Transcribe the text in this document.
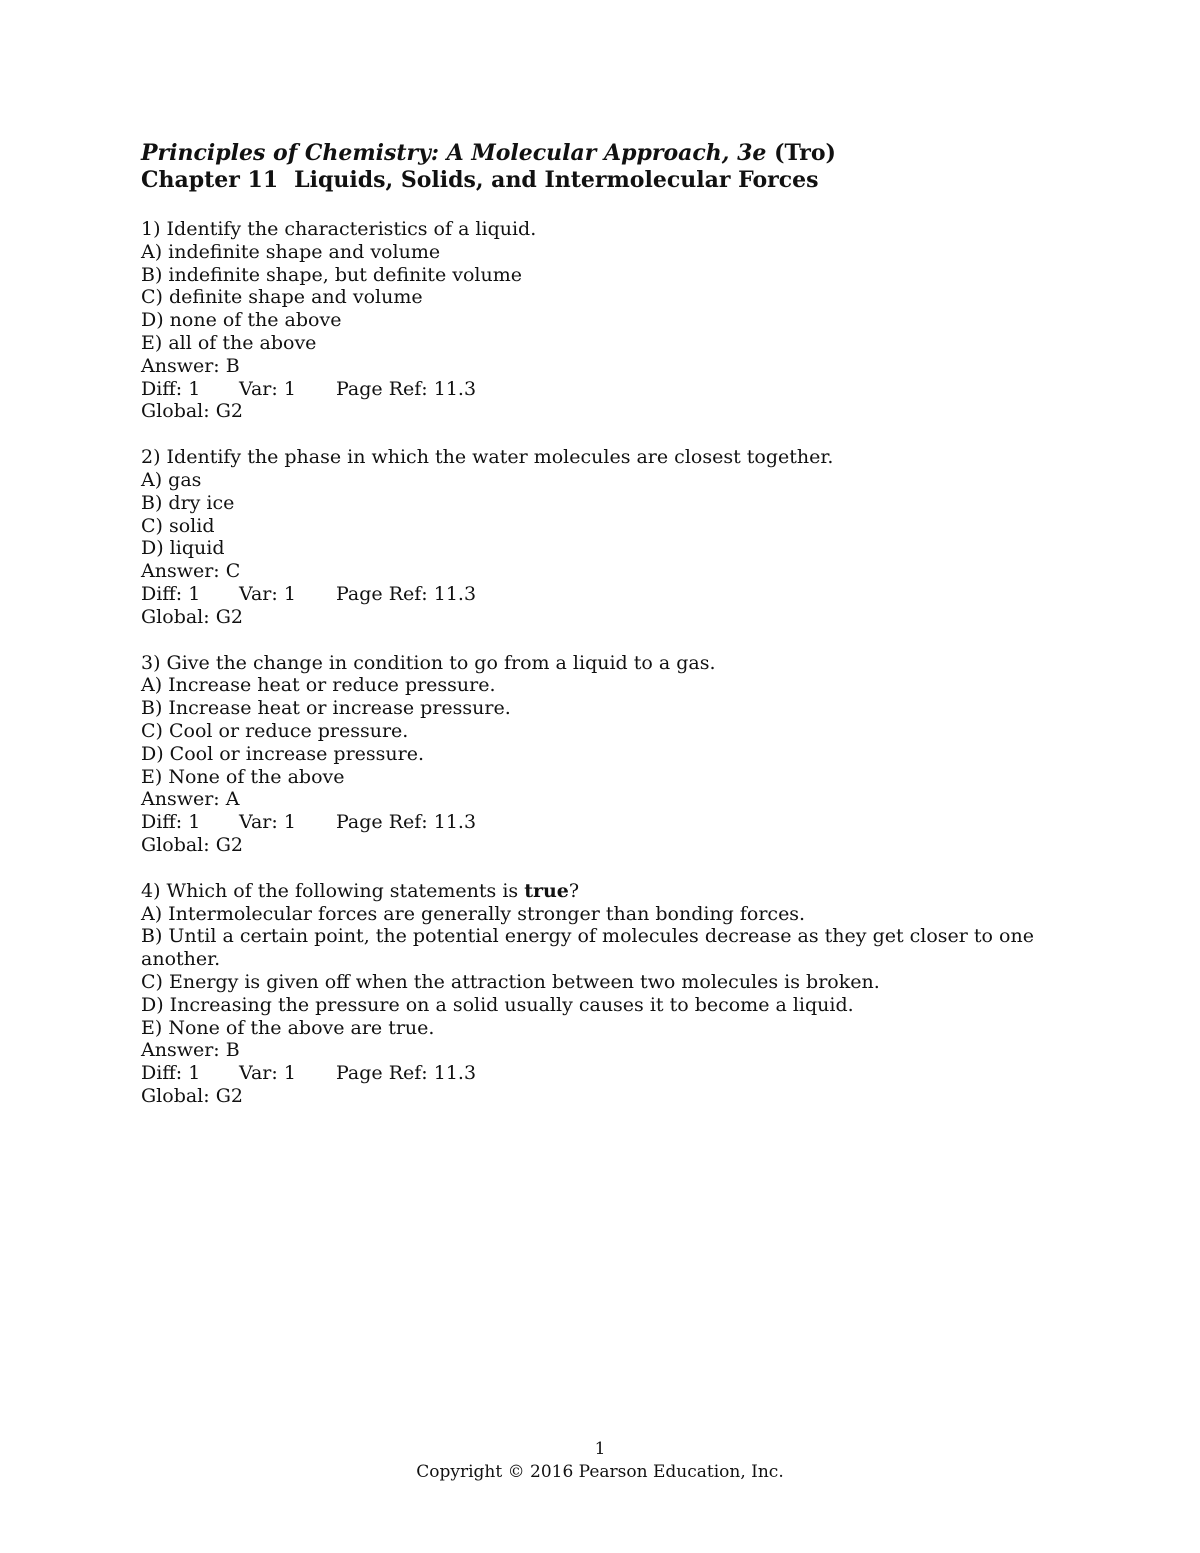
Principles of Chemistry: A Molecular Approach, 3e (Tro)
Chapter 11 Liquids, Solids, and Intermolecular Forces
1) Identify the characteristics of a liquid.
A) indefinite shape and volume
B) indefinite shape, but definite volume
C) definite shape and volume
D) none of the above
E) all of the above
Answer: B
Diff: 1 Var: 1 Page Ref: 11.3
Global: G2
2) Identify the phase in which the water molecules are closest together.
A) gas
B) dry ice
C) solid
D) liquid
Answer: C
Diff: 1 Var: 1 Page Ref: 11.3
Global: G2
3) Give the change in condition to go from a liquid to a gas.
A) Increase heat or reduce pressure.
B) Increase heat or increase pressure.
C) Cool or reduce pressure.
D) Cool or increase pressure.
E) None of the above
Answer: A
Diff: 1 Var: 1 Page Ref: 11.3
Global: G2
4) Which of the following statements is true?
A) Intermolecular forces are generally stronger than bonding forces.
B) Until a certain point, the potential energy of molecules decrease as they get closer to one another.
C) Energy is given off when the attraction between two molecules is broken.
D) Increasing the pressure on a solid usually causes it to become a liquid.
E) None of the above are true.
Answer: B
Diff: 1 Var: 1 Page Ref: 11.3
Global: G2
1
Copyright © 2016 Pearson Education, Inc.
